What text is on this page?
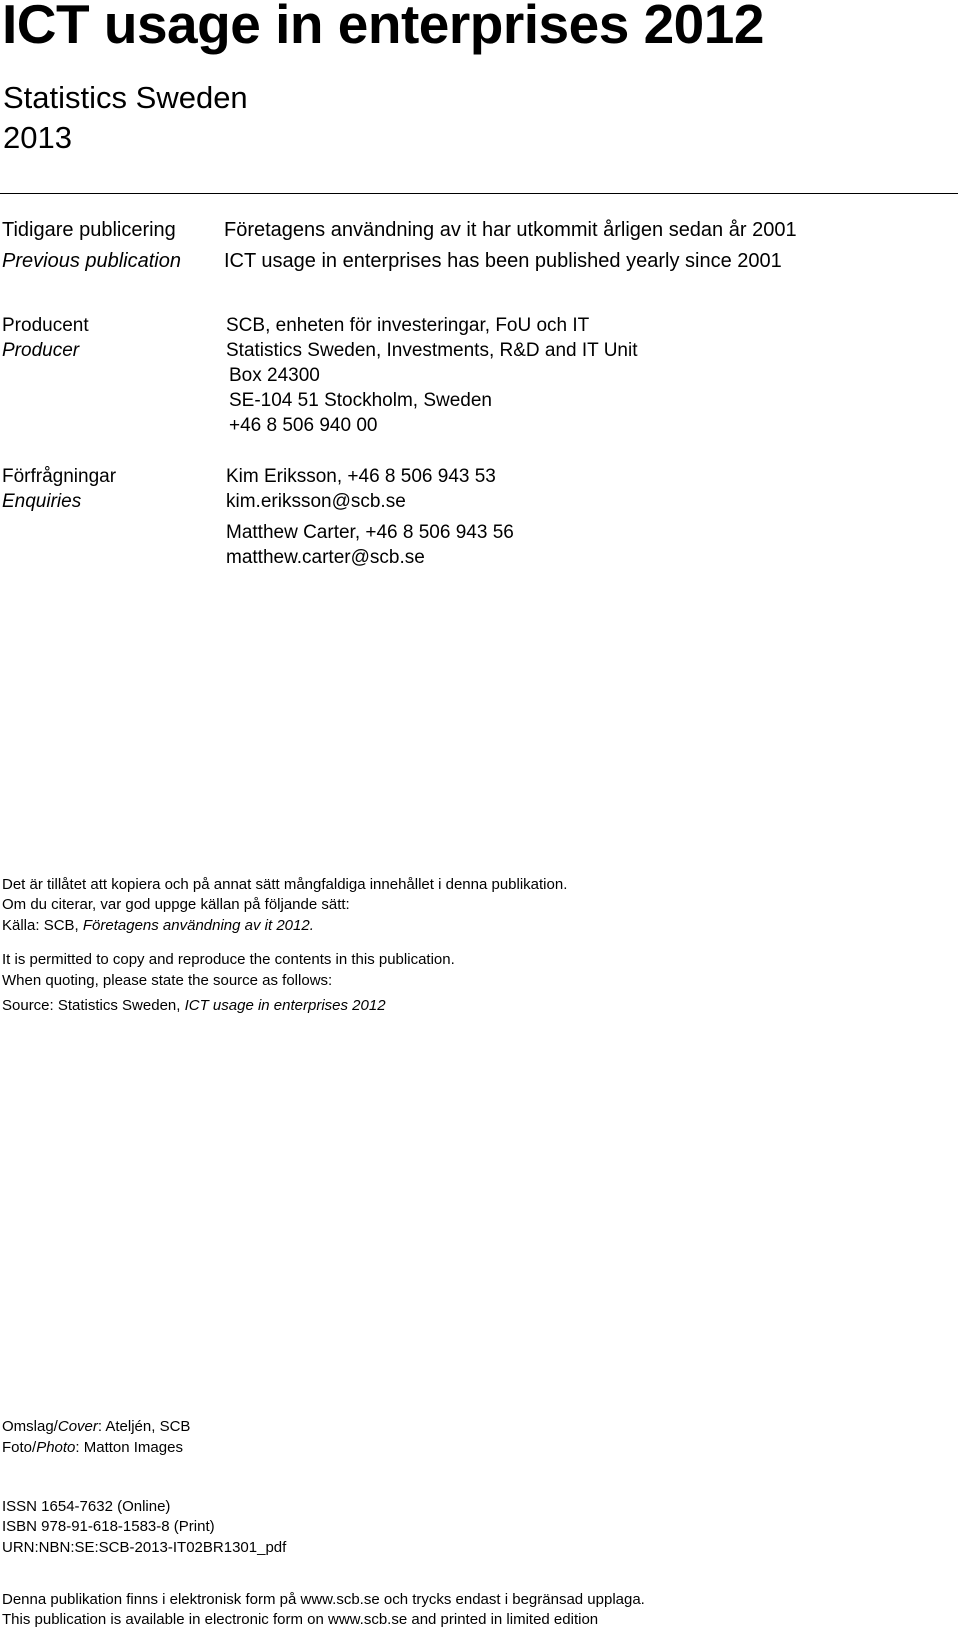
ICT usage in enterprises 2012
Statistics Sweden
2013
Tidigare publicering Företagens användning av it har utkommit årligen sedan år 2001
Previous publication ICT usage in enterprises has been published yearly since 2001
Producent
Producer
SCB, enheten för investeringar, FoU och IT
Statistics Sweden, Investments, R&D and IT Unit
Box 24300
SE-104 51 Stockholm, Sweden
+46 8 506 940 00
Förfrågningar
Enquiries
Kim Eriksson, +46 8 506 943 53
kim.eriksson@scb.se
Matthew Carter, +46 8 506 943 56
matthew.carter@scb.se
Det är tillåtet att kopiera och på annat sätt mångfaldiga innehållet i denna publikation.
Om du citerar, var god uppge källan på följande sätt:
Källa: SCB, Företagens användning av it 2012.
It is permitted to copy and reproduce the contents in this publication.
When quoting, please state the source as follows:
Source: Statistics Sweden, ICT usage in enterprises 2012
Omslag/Cover: Ateljén, SCB
Foto/Photo: Matton Images
ISSN 1654-7632 (Online)
ISBN 978-91-618-1583-8 (Print)
URN:NBN:SE:SCB-2013-IT02BR1301_pdf
Denna publikation finns i elektronisk form på www.scb.se och trycks endast i begränsad upplaga.
This publication is available in electronic form on www.scb.se and printed in limited edition
